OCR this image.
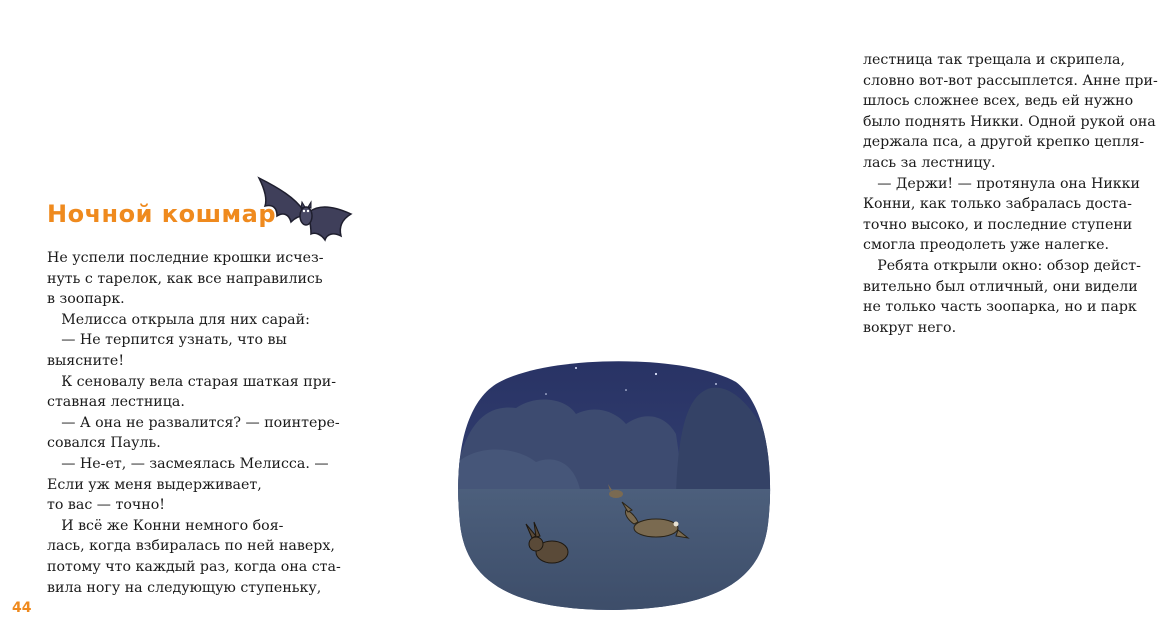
Ночной кошмар
Не успели последние крошки исчез-
нуть с тарелок, как все направились
в зоопарк.
 Мелисса открыла для них сарай:
 — Не терпится узнать, что вы
выясните!
 К сеновалу вела старая шаткая при-
ставная лестница.
 — А она не развалится? — поинтере-
совался Пауль.
 — Не-ет, — засмеялась Мелисса. —
Если уж меня выдерживает,
то вас — точно!
 И всё же Конни немного боя-
лась, когда взбиралась по ней наверх,
потому что каждый раз, когда она ста-
вила ногу на следующую ступеньку,
44
лестница так трещала и скрипела,
словно вот-вот рассыплется. Анне при-
шлось сложнее всех, ведь ей нужно
было поднять Никки. Одной рукой она
держала пса, а другой крепко цепля-
лась за лестницу.
 — Держи! — протянула она Никки
Конни, как только забралась доста-
точно высоко, и последние ступени
смогла преодолеть уже налегке.
 Ребята открыли окно: обзор дейст-
вительно был отличный, они видели
не только часть зоопарка, но и парк
вокруг него.
